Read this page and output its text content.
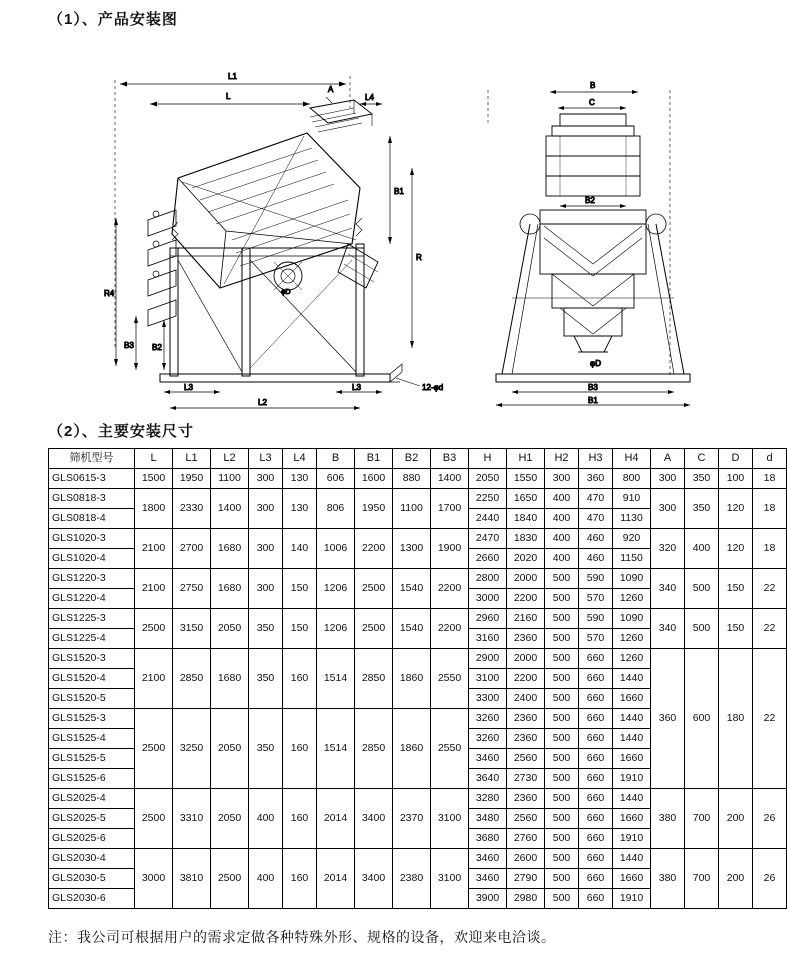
（1）、产品安装图
L1
L
A
L4
φD
B1
R
R4
B3 B2
L3
L2
L3	12-φd
B
C
B2
φD
B3
B1
（2）、主要安装尺寸
筛机型号	L	L1	L2	L3	L4	B	B1	B2	B3	H	H1	H2	H3	H4	A	C	D	d
GLS0615-3	1500	1950	1100	300	130	606	1600	880	1400	2050	1550	300	360	800	300	350	100	18
GLS0818-3	1800	2330	1400	300	130	806	1950	1100	1700	2250	1650	400	470	910	300	350	120	18
GLS0818-4										2440	1840	400	470	1130				
GLS1020-3	2100	2700	1680	300	140	1006	2200	1300	1900	2470	1830	400	460	920	320	400	120	18
GLS1020-4										2660	2020	400	460	1150				
GLS1220-3	2100	2750	1680	300	150	1206	2500	1540	2200	2800	2000	500	590	1090	340	500	150	22
GLS1220-4										3000	2200	500	570	1260				
GLS1225-3	2500	3150	2050	350	150	1206	2500	1540	2200	2960	2160	500	590	1090	340	500	150	22
GLS1225-4										3160	2360	500	570	1260				
GLS1520-3	2100	2850	1680	350	160	1514	2850	1860	2550	2900	2000	500	660	1260	360	600	180	22
GLS1520-4										3100	2200	500	660	1440				
GLS1520-5										3300	2400	500	660	1660				
GLS1525-3	2500	3250	2050	350	160	1514	2850	1860	2550	3260	2360	500	660	1440				
GLS1525-4										3260	2360	500	660	1440				
GLS1525-5										3460	2560	500	660	1660				
GLS1525-6										3640	2730	500	660	1910				
GLS2025-4	2500	3310	2050	400	160	2014	3400	2370	3100	3280	2360	500	660	1440	380	700	200	26
GLS2025-5										3480	2560	500	660	1660				
GLS2025-6										3680	2760	500	660	1910				
GLS2030-4	3000	3810	2500	400	160	2014	3400	2380	3100	3460	2600	500	660	1440	380	700	200	26
GLS2030-5										3460	2790	500	660	1660				
GLS2030-6										3900	2980	500	660	1910				
注：我公司可根据用户的需求定做各种特殊外形、规格的设备，欢迎来电洽谈。
